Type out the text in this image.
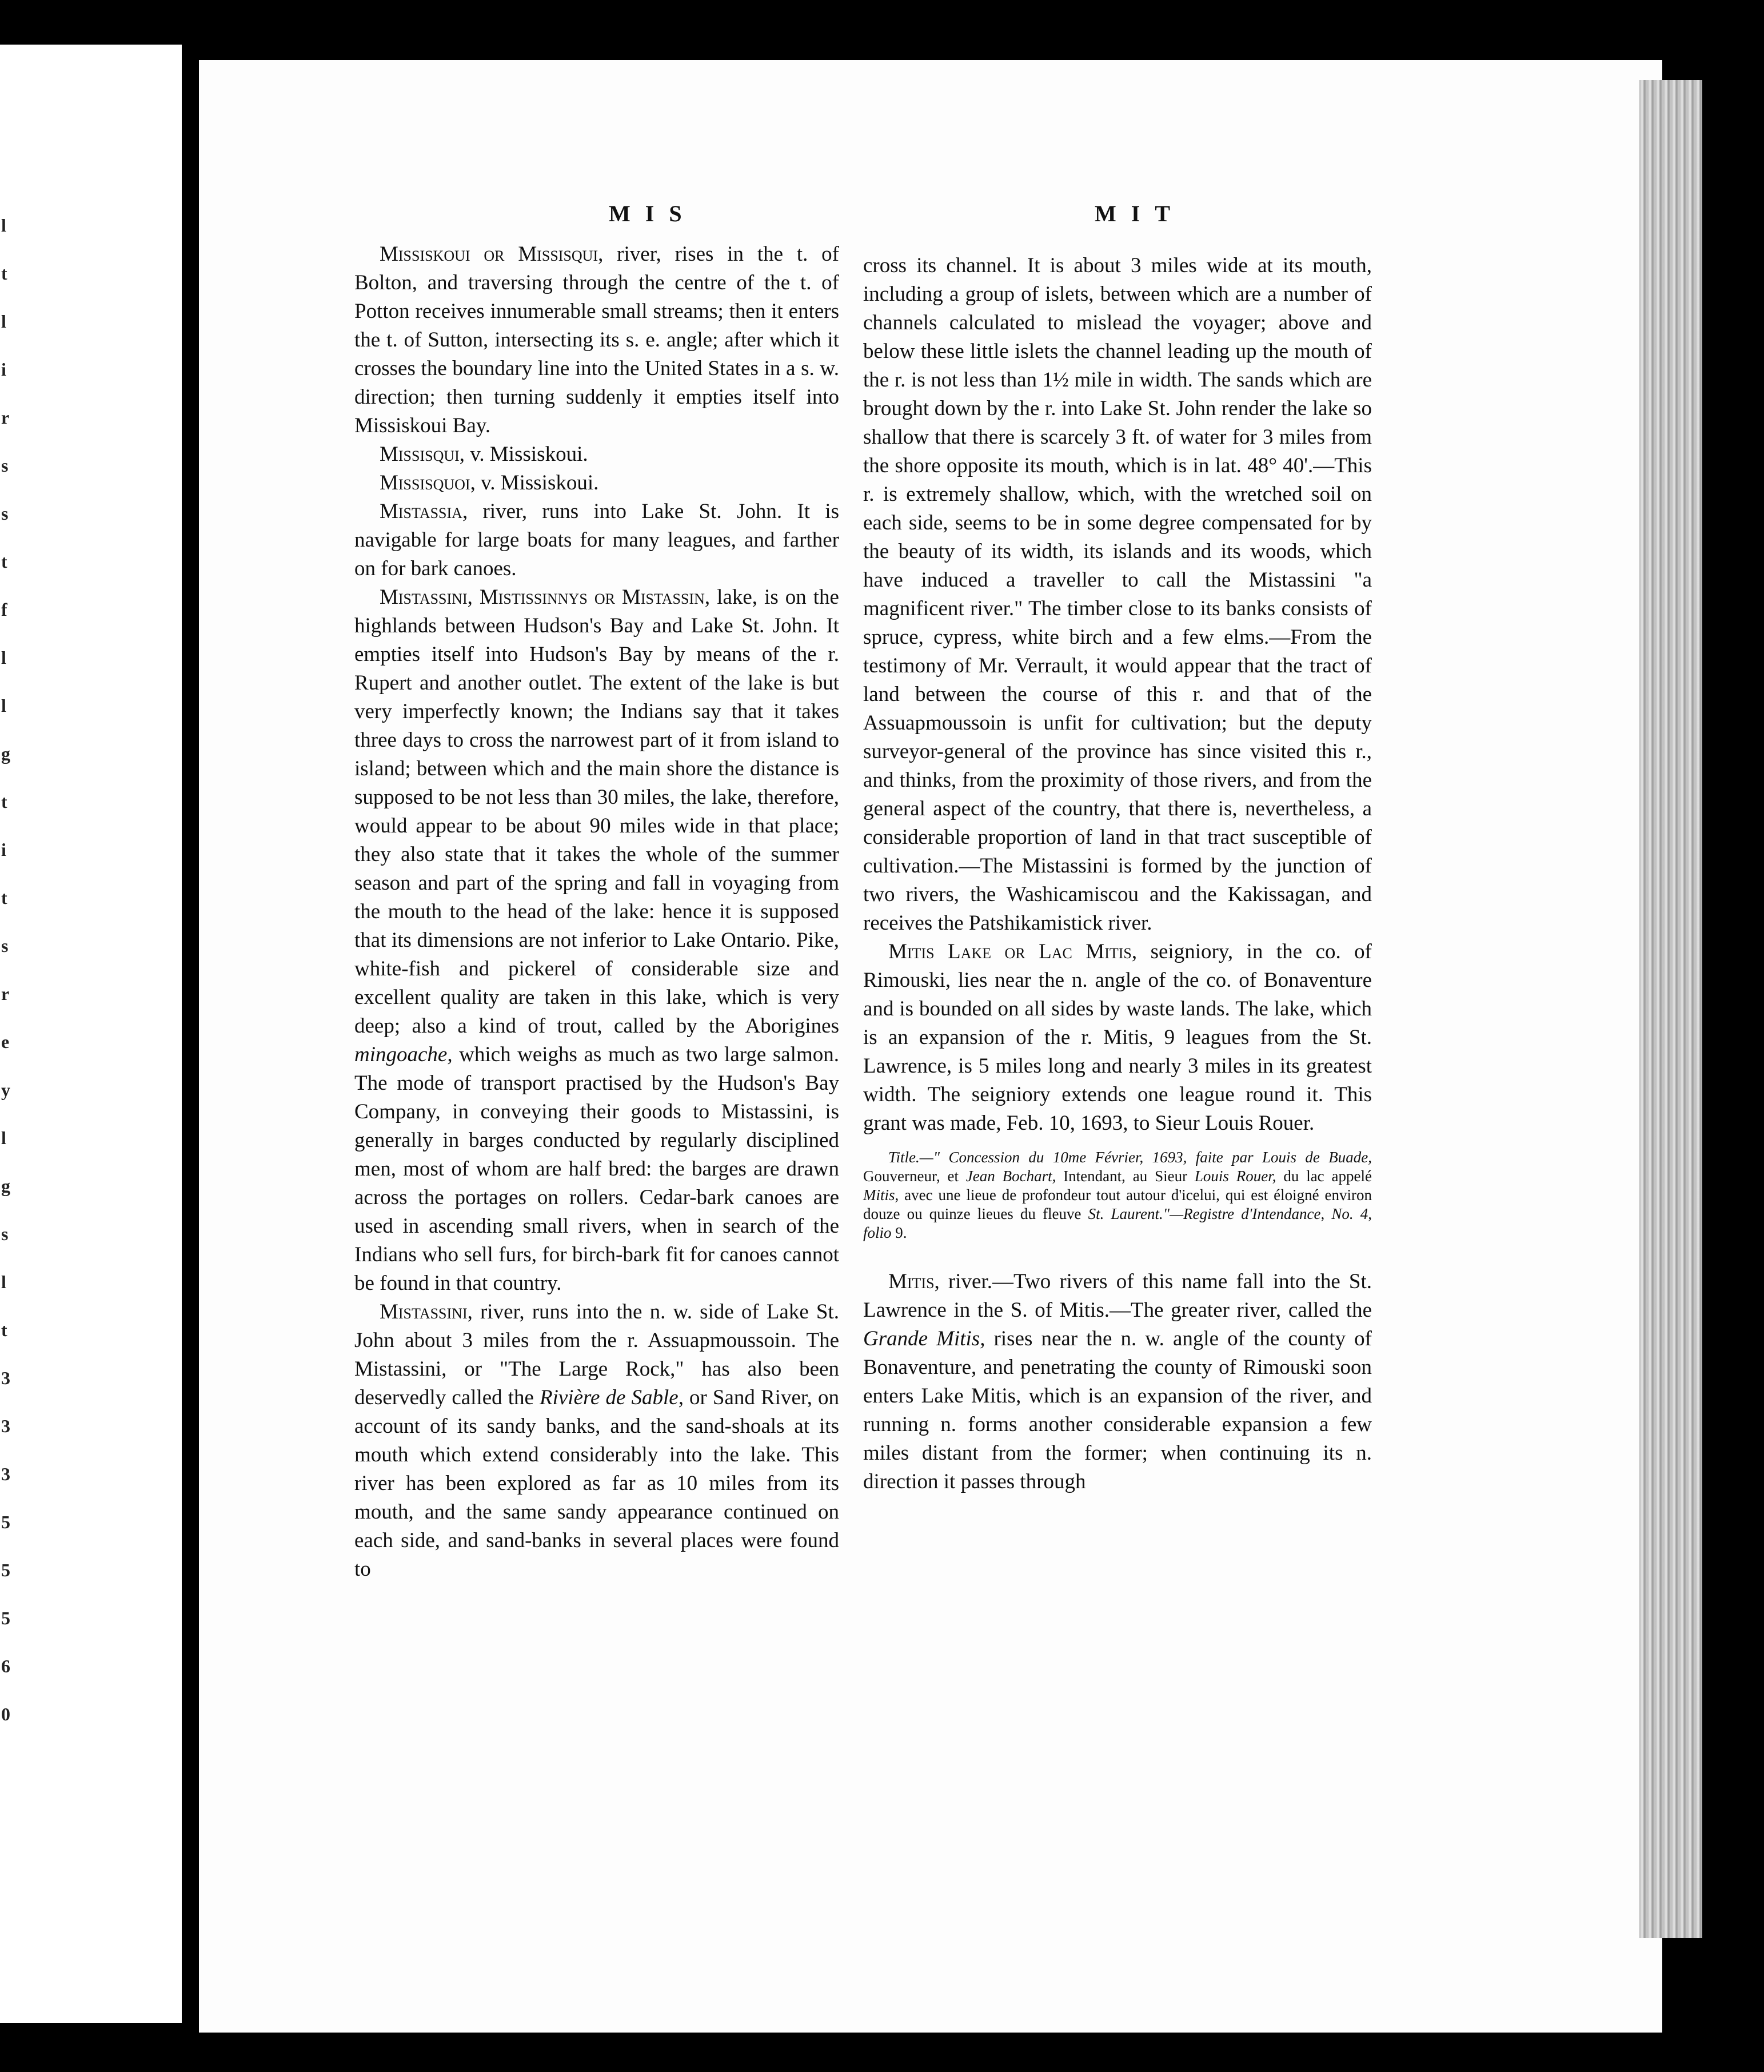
l
t
l
i
r
s
s
t
f
l
l
g
t
i
t
s
r
e
y
l
g
s
l
t
3
3
3
5
5
5
6
0
MIS	MIT

Missiskoui or Missisqui, river, rises in the t. of Bolton, and traversing through the centre of the t. of Potton receives innumerable small streams; then it enters the t. of Sutton, intersecting its s. e. angle; after which it crosses the boundary line into the United States in a s. w. direction; then turning suddenly it empties itself into Missiskoui Bay.

Missisqui, v. Missiskoui.

Missisquoi, v. Missiskoui.

Mistassia, river, runs into Lake St. John. It is navigable for large boats for many leagues, and farther on for bark canoes.

Mistassini, Mistissinnys or Mistassin, lake, is on the highlands between Hudson's Bay and Lake St. John. It empties itself into Hudson's Bay by means of the r. Rupert and another outlet. The extent of the lake is but very imperfectly known; the Indians say that it takes three days to cross the narrowest part of it from island to island; between which and the main shore the distance is supposed to be not less than 30 miles, the lake, therefore, would appear to be about 90 miles wide in that place; they also state that it takes the whole of the summer season and part of the spring and fall in voyaging from the mouth to the head of the lake: hence it is supposed that its dimensions are not inferior to Lake Ontario. Pike, white-fish and pickerel of considerable size and excellent quality are taken in this lake, which is very deep; also a kind of trout, called by the Aborigines mingoache, which weighs as much as two large salmon. The mode of transport practised by the Hudson's Bay Company, in conveying their goods to Mistassini, is generally in barges conducted by regularly disciplined men, most of whom are half bred: the barges are drawn across the portages on rollers. Cedar-bark canoes are used in ascending small rivers, when in search of the Indians who sell furs, for birch-bark fit for canoes cannot be found in that country.

Mistassini, river, runs into the n. w. side of Lake St. John about 3 miles from the r. Assuapmoussoin. The Mistassini, or "The Large Rock," has also been deservedly called the Rivière de Sable, or Sand River, on account of its sandy banks, and the sand-shoals at its mouth which extend considerably into the lake. This river has been explored as far as 10 miles from its mouth, and the same sandy appearance continued on each side, and sand-banks in several places were found to

cross its channel. It is about 3 miles wide at its mouth, including a group of islets, between which are a number of channels calculated to mislead the voyager; above and below these little islets the channel leading up the mouth of the r. is not less than 1½ mile in width. The sands which are brought down by the r. into Lake St. John render the lake so shallow that there is scarcely 3 ft. of water for 3 miles from the shore opposite its mouth, which is in lat. 48° 40'.—This r. is extremely shallow, which, with the wretched soil on each side, seems to be in some degree compensated for by the beauty of its width, its islands and its woods, which have induced a traveller to call the Mistassini "a magnificent river." The timber close to its banks consists of spruce, cypress, white birch and a few elms.—From the testimony of Mr. Verrault, it would appear that the tract of land between the course of this r. and that of the Assuapmoussoin is unfit for cultivation; but the deputy surveyor-general of the province has since visited this r., and thinks, from the proximity of those rivers, and from the general aspect of the country, that there is, nevertheless, a considerable proportion of land in that tract susceptible of cultivation.—The Mistassini is formed by the junction of two rivers, the Washicamiscou and the Kakissagan, and receives the Patshikamistick river.

Mitis Lake or Lac Mitis, seigniory, in the co. of Rimouski, lies near the n. angle of the co. of Bonaventure and is bounded on all sides by waste lands. The lake, which is an expansion of the r. Mitis, 9 leagues from the St. Lawrence, is 5 miles long and nearly 3 miles in its greatest width. The seigniory extends one league round it. This grant was made, Feb. 10, 1693, to Sieur Louis Rouer.

Title.—" Concession du 10me Février, 1693, faite par Louis de Buade, Gouverneur, et Jean Bochart, Intendant, au Sieur Louis Rouer, du lac appelé Mitis, avec une lieue de profondeur tout autour d'icelui, qui est éloigné environ douze ou quinze lieues du fleuve St. Laurent."—Registre d'Intendance, No. 4, folio 9.

Mitis, river.—Two rivers of this name fall into the St. Lawrence in the S. of Mitis.—The greater river, called the Grande Mitis, rises near the n. w. angle of the county of Bonaventure, and penetrating the county of Rimouski soon enters Lake Mitis, which is an expansion of the river, and running n. forms another considerable expansion a few miles distant from the former; when continuing its n. direction it passes through
